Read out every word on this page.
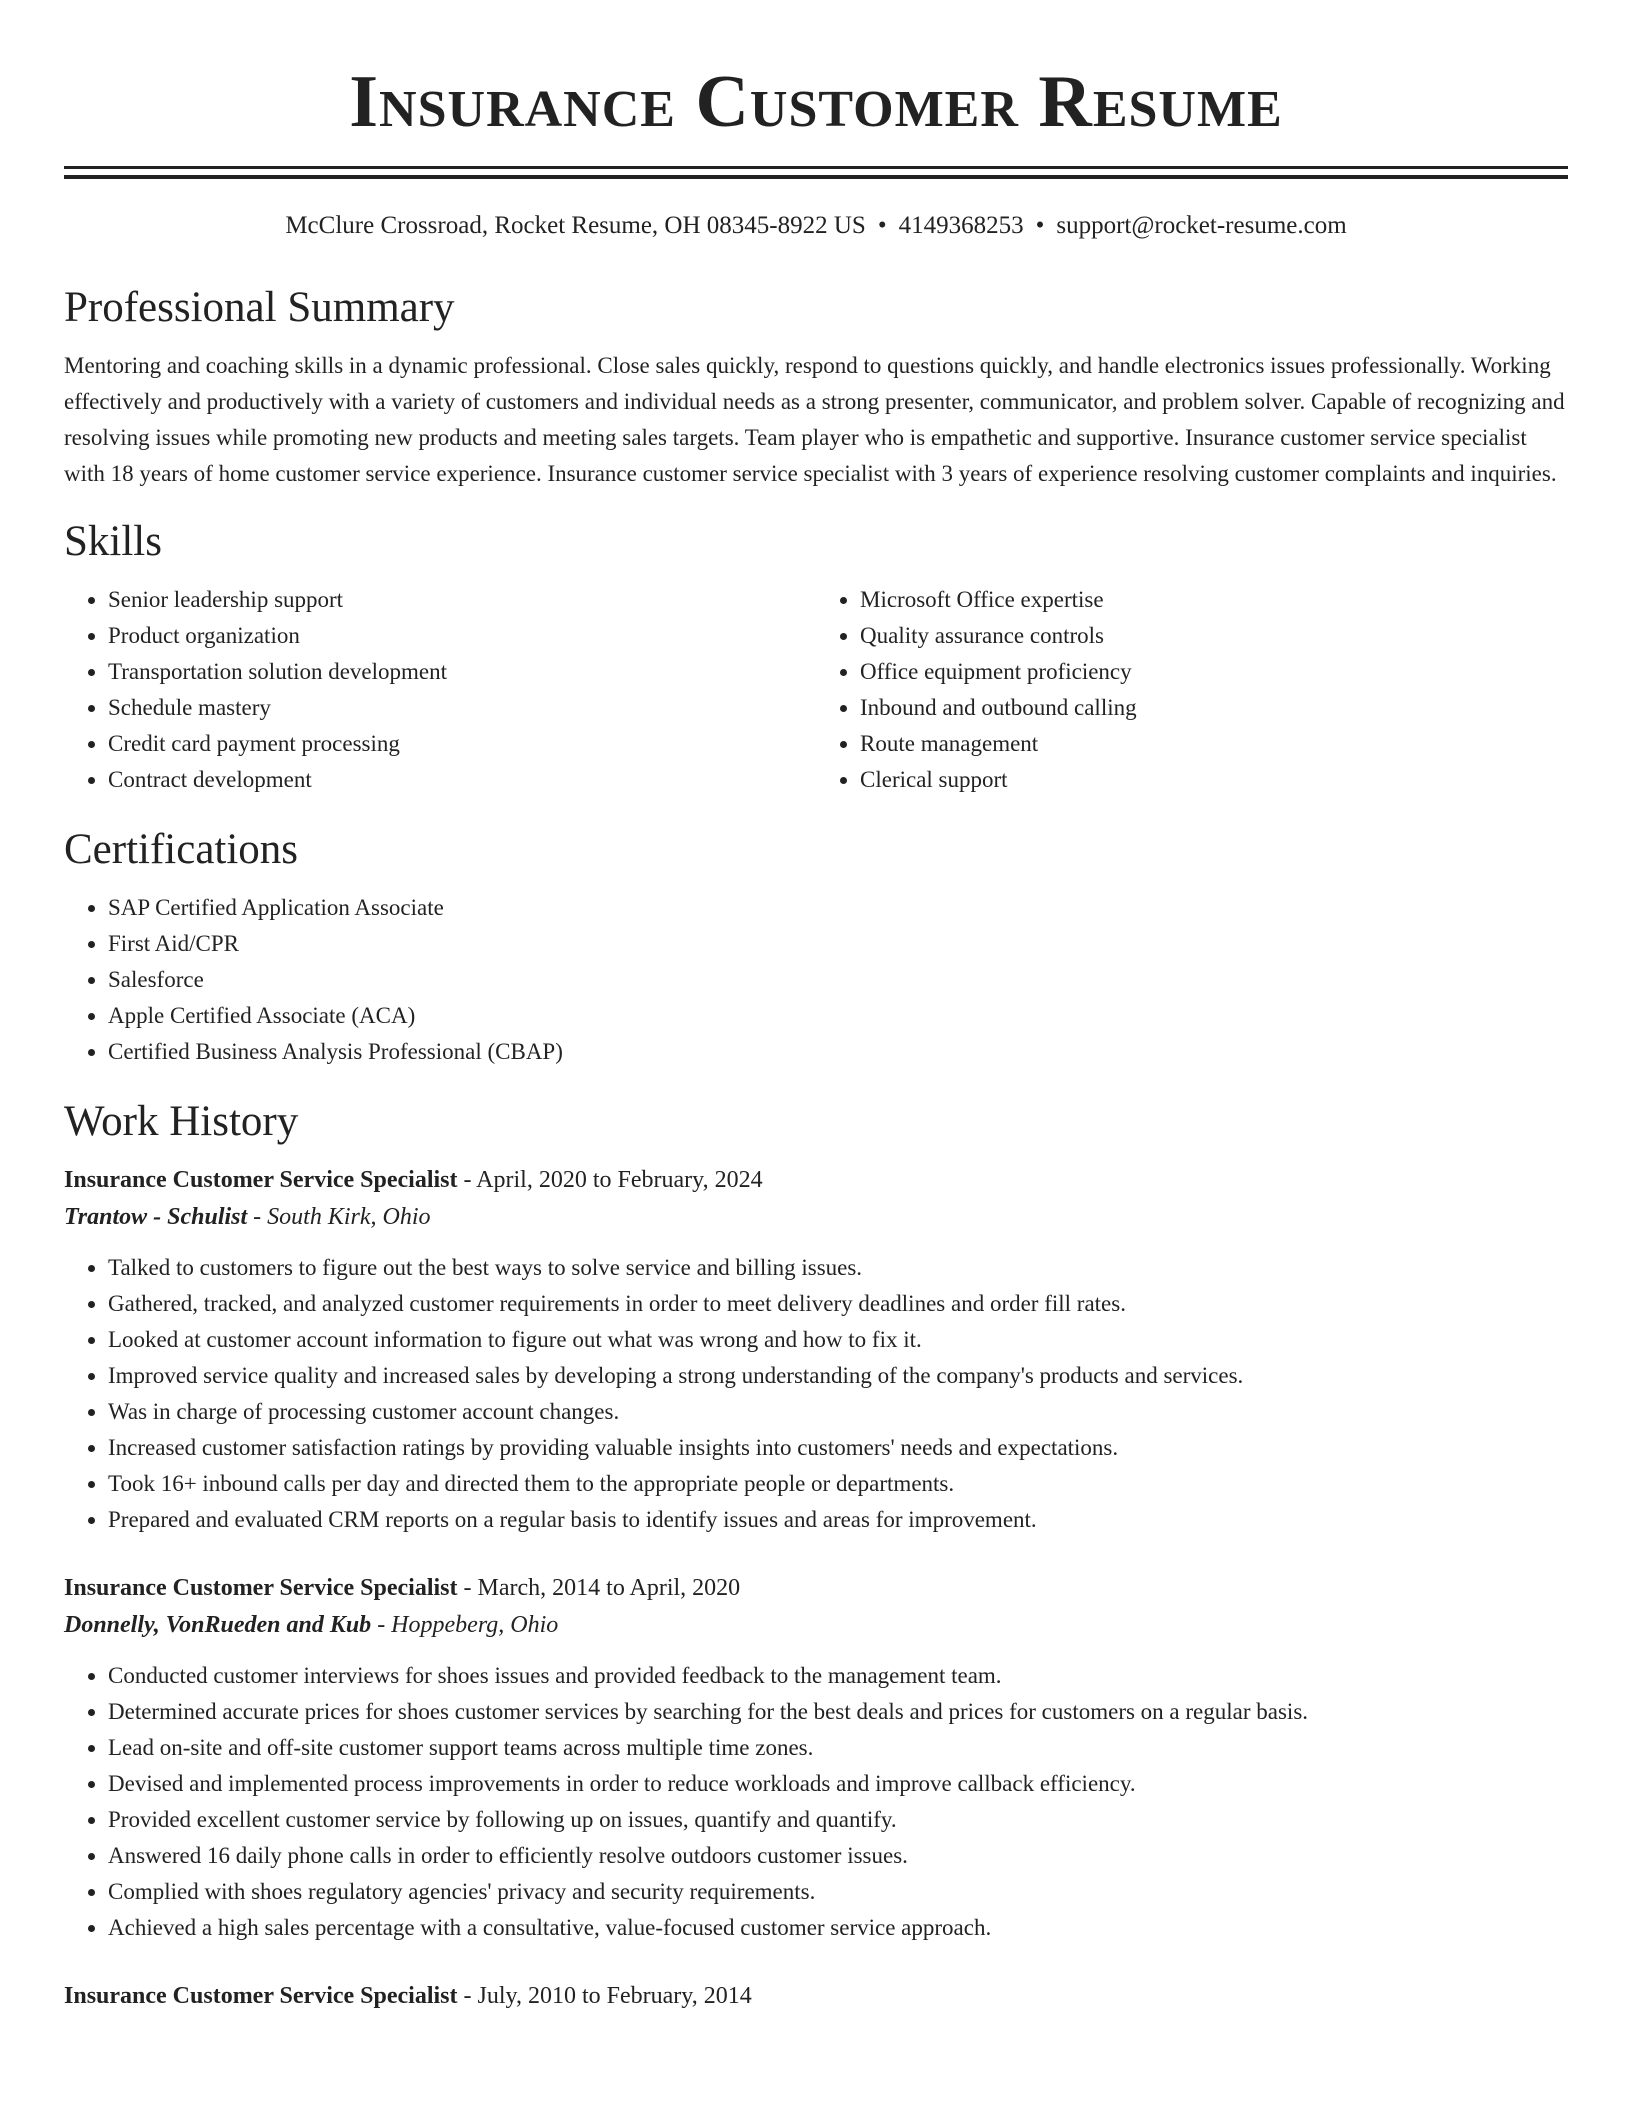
Insurance Customer Resume
McClure Crossroad, Rocket Resume, OH 08345-8922 US • 4149368253 • support@rocket-resume.com
Professional Summary

Mentoring and coaching skills in a dynamic professional. Close sales quickly, respond to questions quickly, and handle electronics issues professionally. Working effectively and productively with a variety of customers and individual needs as a strong presenter, communicator, and problem solver. Capable of recognizing and resolving issues while promoting new products and meeting sales targets. Team player who is empathetic and supportive. Insurance customer service specialist with 18 years of home customer service experience. Insurance customer service specialist with 3 years of experience resolving customer complaints and inquiries.

Skills
• Senior leadership support
• Product organization
• Transportation solution development
• Schedule mastery
• Credit card payment processing
• Contract development
• Microsoft Office expertise
• Quality assurance controls
• Office equipment proficiency
• Inbound and outbound calling
• Route management
• Clerical support
Certifications
• SAP Certified Application Associate
• First Aid/CPR
• Salesforce
• Apple Certified Associate (ACA)
• Certified Business Analysis Professional (CBAP)
Work History
Insurance Customer Service Specialist - April, 2020 to February, 2024
Trantow - Schulist - South Kirk, Ohio
• Talked to customers to figure out the best ways to solve service and billing issues.
• Gathered, tracked, and analyzed customer requirements in order to meet delivery deadlines and order fill rates.
• Looked at customer account information to figure out what was wrong and how to fix it.
• Improved service quality and increased sales by developing a strong understanding of the company's products and services.
• Was in charge of processing customer account changes.
• Increased customer satisfaction ratings by providing valuable insights into customers' needs and expectations.
• Took 16+ inbound calls per day and directed them to the appropriate people or departments.
• Prepared and evaluated CRM reports on a regular basis to identify issues and areas for improvement.
Insurance Customer Service Specialist - March, 2014 to April, 2020
Donnelly, VonRueden and Kub - Hoppeberg, Ohio
• Conducted customer interviews for shoes issues and provided feedback to the management team.
• Determined accurate prices for shoes customer services by searching for the best deals and prices for customers on a regular basis.
• Lead on-site and off-site customer support teams across multiple time zones.
• Devised and implemented process improvements in order to reduce workloads and improve callback efficiency.
• Provided excellent customer service by following up on issues, quantify and quantify.
• Answered 16 daily phone calls in order to efficiently resolve outdoors customer issues.
• Complied with shoes regulatory agencies' privacy and security requirements.
• Achieved a high sales percentage with a consultative, value-focused customer service approach.
Insurance Customer Service Specialist - July, 2010 to February, 2014
